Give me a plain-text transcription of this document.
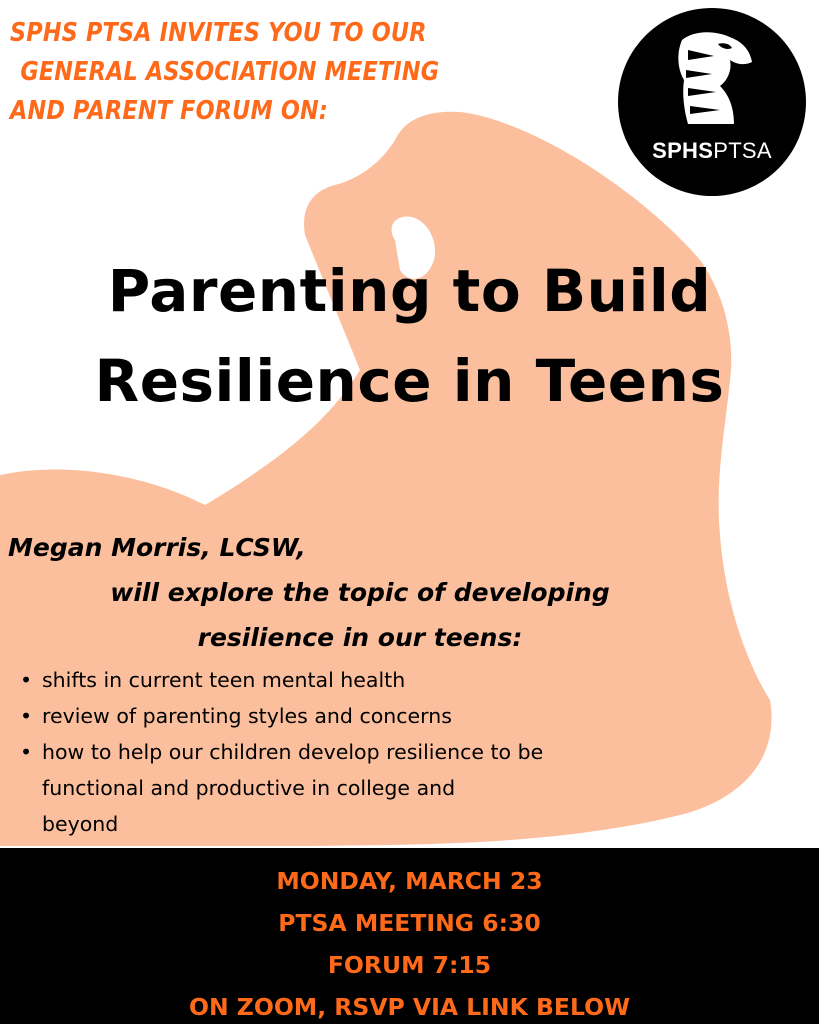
SPHS PTSA INVITES YOU TO OUR
GENERAL ASSOCIATION MEETING
AND PARENT FORUM ON:
SPHSPTSA
Parenting to Build
Resilience in Teens

Megan Morris, LCSW,

will explore the topic of developing
resilience in our teens:

• shifts in current teen mental health
• review of parenting styles and concerns
• how to help our children develop resilience to be
functional and productive in college and
beyond
MONDAY, MARCH 23
PTSA MEETING 6:30
FORUM 7:15
ON ZOOM, RSVP VIA LINK BELOW
